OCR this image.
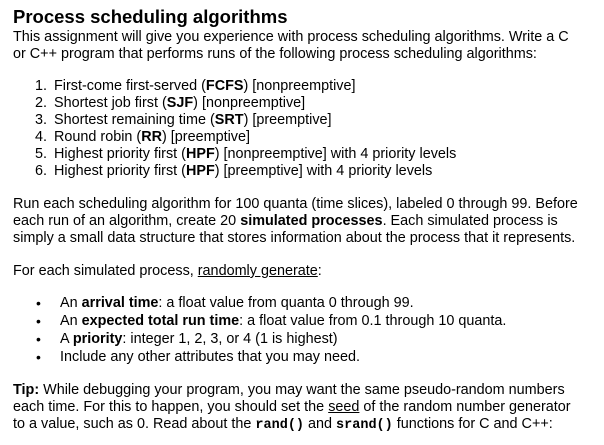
Process scheduling algorithms
This assignment will give you experience with process scheduling algorithms. Write a C
or C++ program that performs runs of the following process scheduling algorithms:
1. First-come first-served (FCFS) [nonpreemptive]
2. Shortest job first (SJF) [nonpreemptive]
3. Shortest remaining time (SRT) [preemptive]
4. Round robin (RR) [preemptive]
5. Highest priority first (HPF) [nonpreemptive] with 4 priority levels
6. Highest priority first (HPF) [preemptive] with 4 priority levels
Run each scheduling algorithm for 100 quanta (time slices), labeled 0 through 99. Before
each run of an algorithm, create 20 simulated processes. Each simulated process is
simply a small data structure that stores information about the process that it represents.
For each simulated process, randomly generate:
•	An arrival time: a float value from quanta 0 through 99.
•	An expected total run time: a float value from 0.1 through 10 quanta.
•	A priority: integer 1, 2, 3, or 4 (1 is highest)
•	Include any other attributes that you may need.
Tip: While debugging your program, you may want the same pseudo-random numbers
each time. For this to happen, you should set the seed of the random number generator
to a value, such as 0. Read about the rand() and srand() functions for C and C++:
